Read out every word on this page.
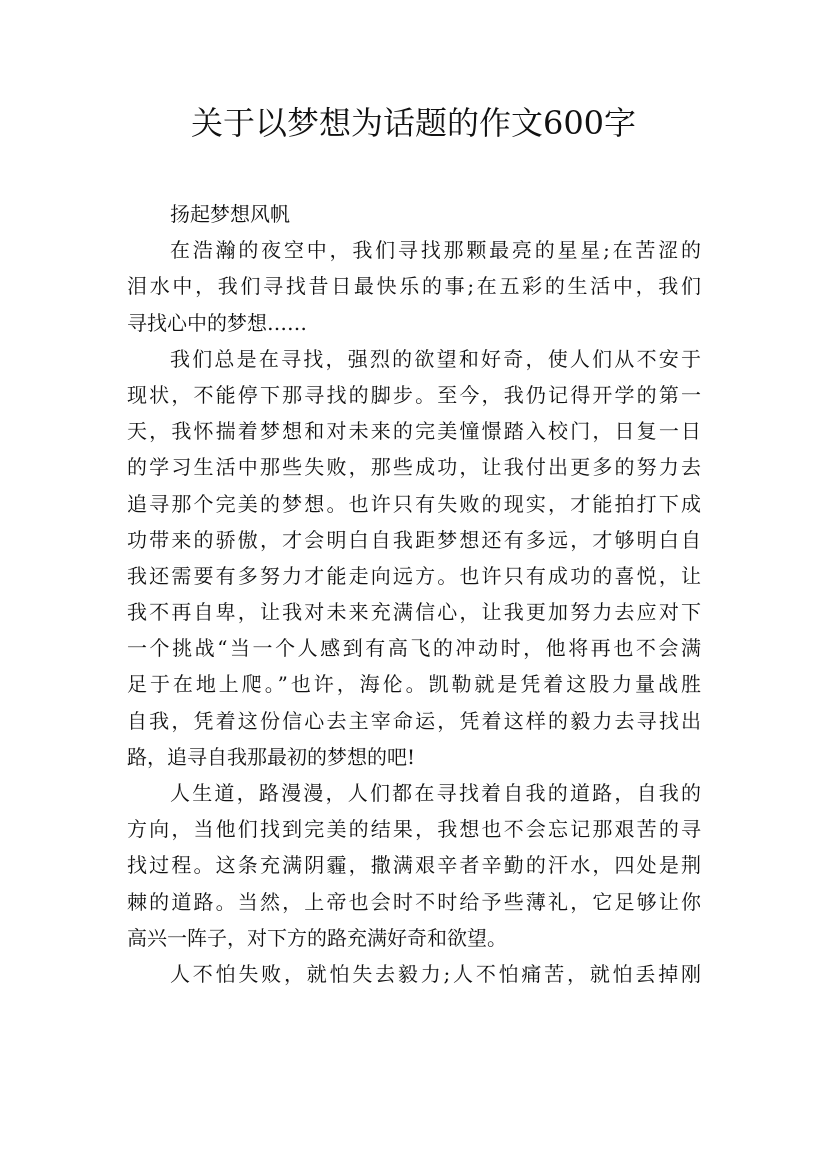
关于以梦想为话题的作文600字
扬起梦想风帆
在浩瀚的夜空中，我们寻找那颗最亮的星星;在苦涩的
泪水中，我们寻找昔日最快乐的事;在五彩的生活中，我们
寻找心中的梦想……
我们总是在寻找，强烈的欲望和好奇，使人们从不安于
现状，不能停下那寻找的脚步。至今，我仍记得开学的第一
天，我怀揣着梦想和对未来的完美憧憬踏入校门，日复一日
的学习生活中那些失败，那些成功，让我付出更多的努力去
追寻那个完美的梦想。也许只有失败的现实，才能拍打下成
功带来的骄傲，才会明白自我距梦想还有多远，才够明白自
我还需要有多努力才能走向远方。也许只有成功的喜悦，让
我不再自卑，让我对未来充满信心，让我更加努力去应对下
一个挑战“当一个人感到有高飞的冲动时，他将再也不会满
足于在地上爬。”也许，海伦。凯勒就是凭着这股力量战胜
自我，凭着这份信心去主宰命运，凭着这样的毅力去寻找出
路，追寻自我那最初的梦想的吧!
人生道，路漫漫，人们都在寻找着自我的道路，自我的
方向，当他们找到完美的结果，我想也不会忘记那艰苦的寻
找过程。这条充满阴霾，撒满艰辛者辛勤的汗水，四处是荆
棘的道路。当然，上帝也会时不时给予些薄礼，它足够让你
高兴一阵子，对下方的路充满好奇和欲望。
人不怕失败，就怕失去毅力;人不怕痛苦，就怕丢掉刚
